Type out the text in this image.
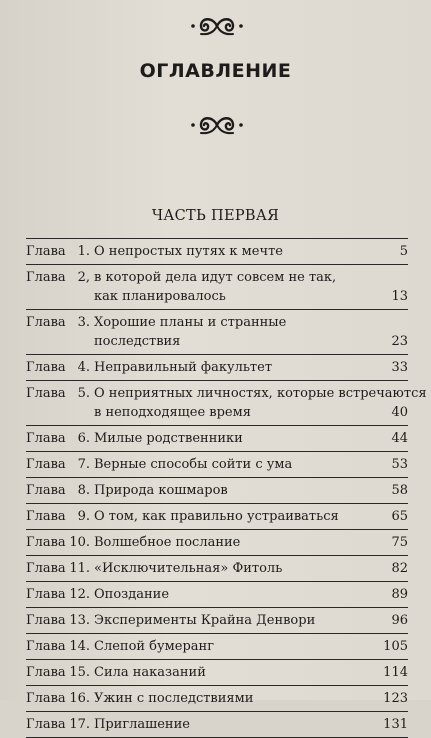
ОГЛАВЛЕНИЕ
ЧАСТЬ ПЕРВАЯ
Глава 1. О непростых путях к мечте	5
Глава 2, в которой дела идут совсем не так,
как планировалось	13
Глава 3. Хорошие планы и странные
последствия	23
Глава 4. Неправильный факультет	33
Глава 5. О неприятных личностях, которые встречаются
в неподходящее время	40
Глава 6. Милые родственники	44
Глава 7. Верные способы сойти с ума	53
Глава 8. Природа кошмаров	58
Глава 9. О том, как правильно устраиваться	65
Глава 10. Волшебное послание	75
Глава 11. «Исключительная» Фитоль	82
Глава 12. Опоздание	89
Глава 13. Эксперименты Крайна Денвори	96
Глава 14. Слепой бумеранг	105
Глава 15. Сила наказаний	114
Глава 16. Ужин с последствиями	123
Глава 17. Приглашение	131
